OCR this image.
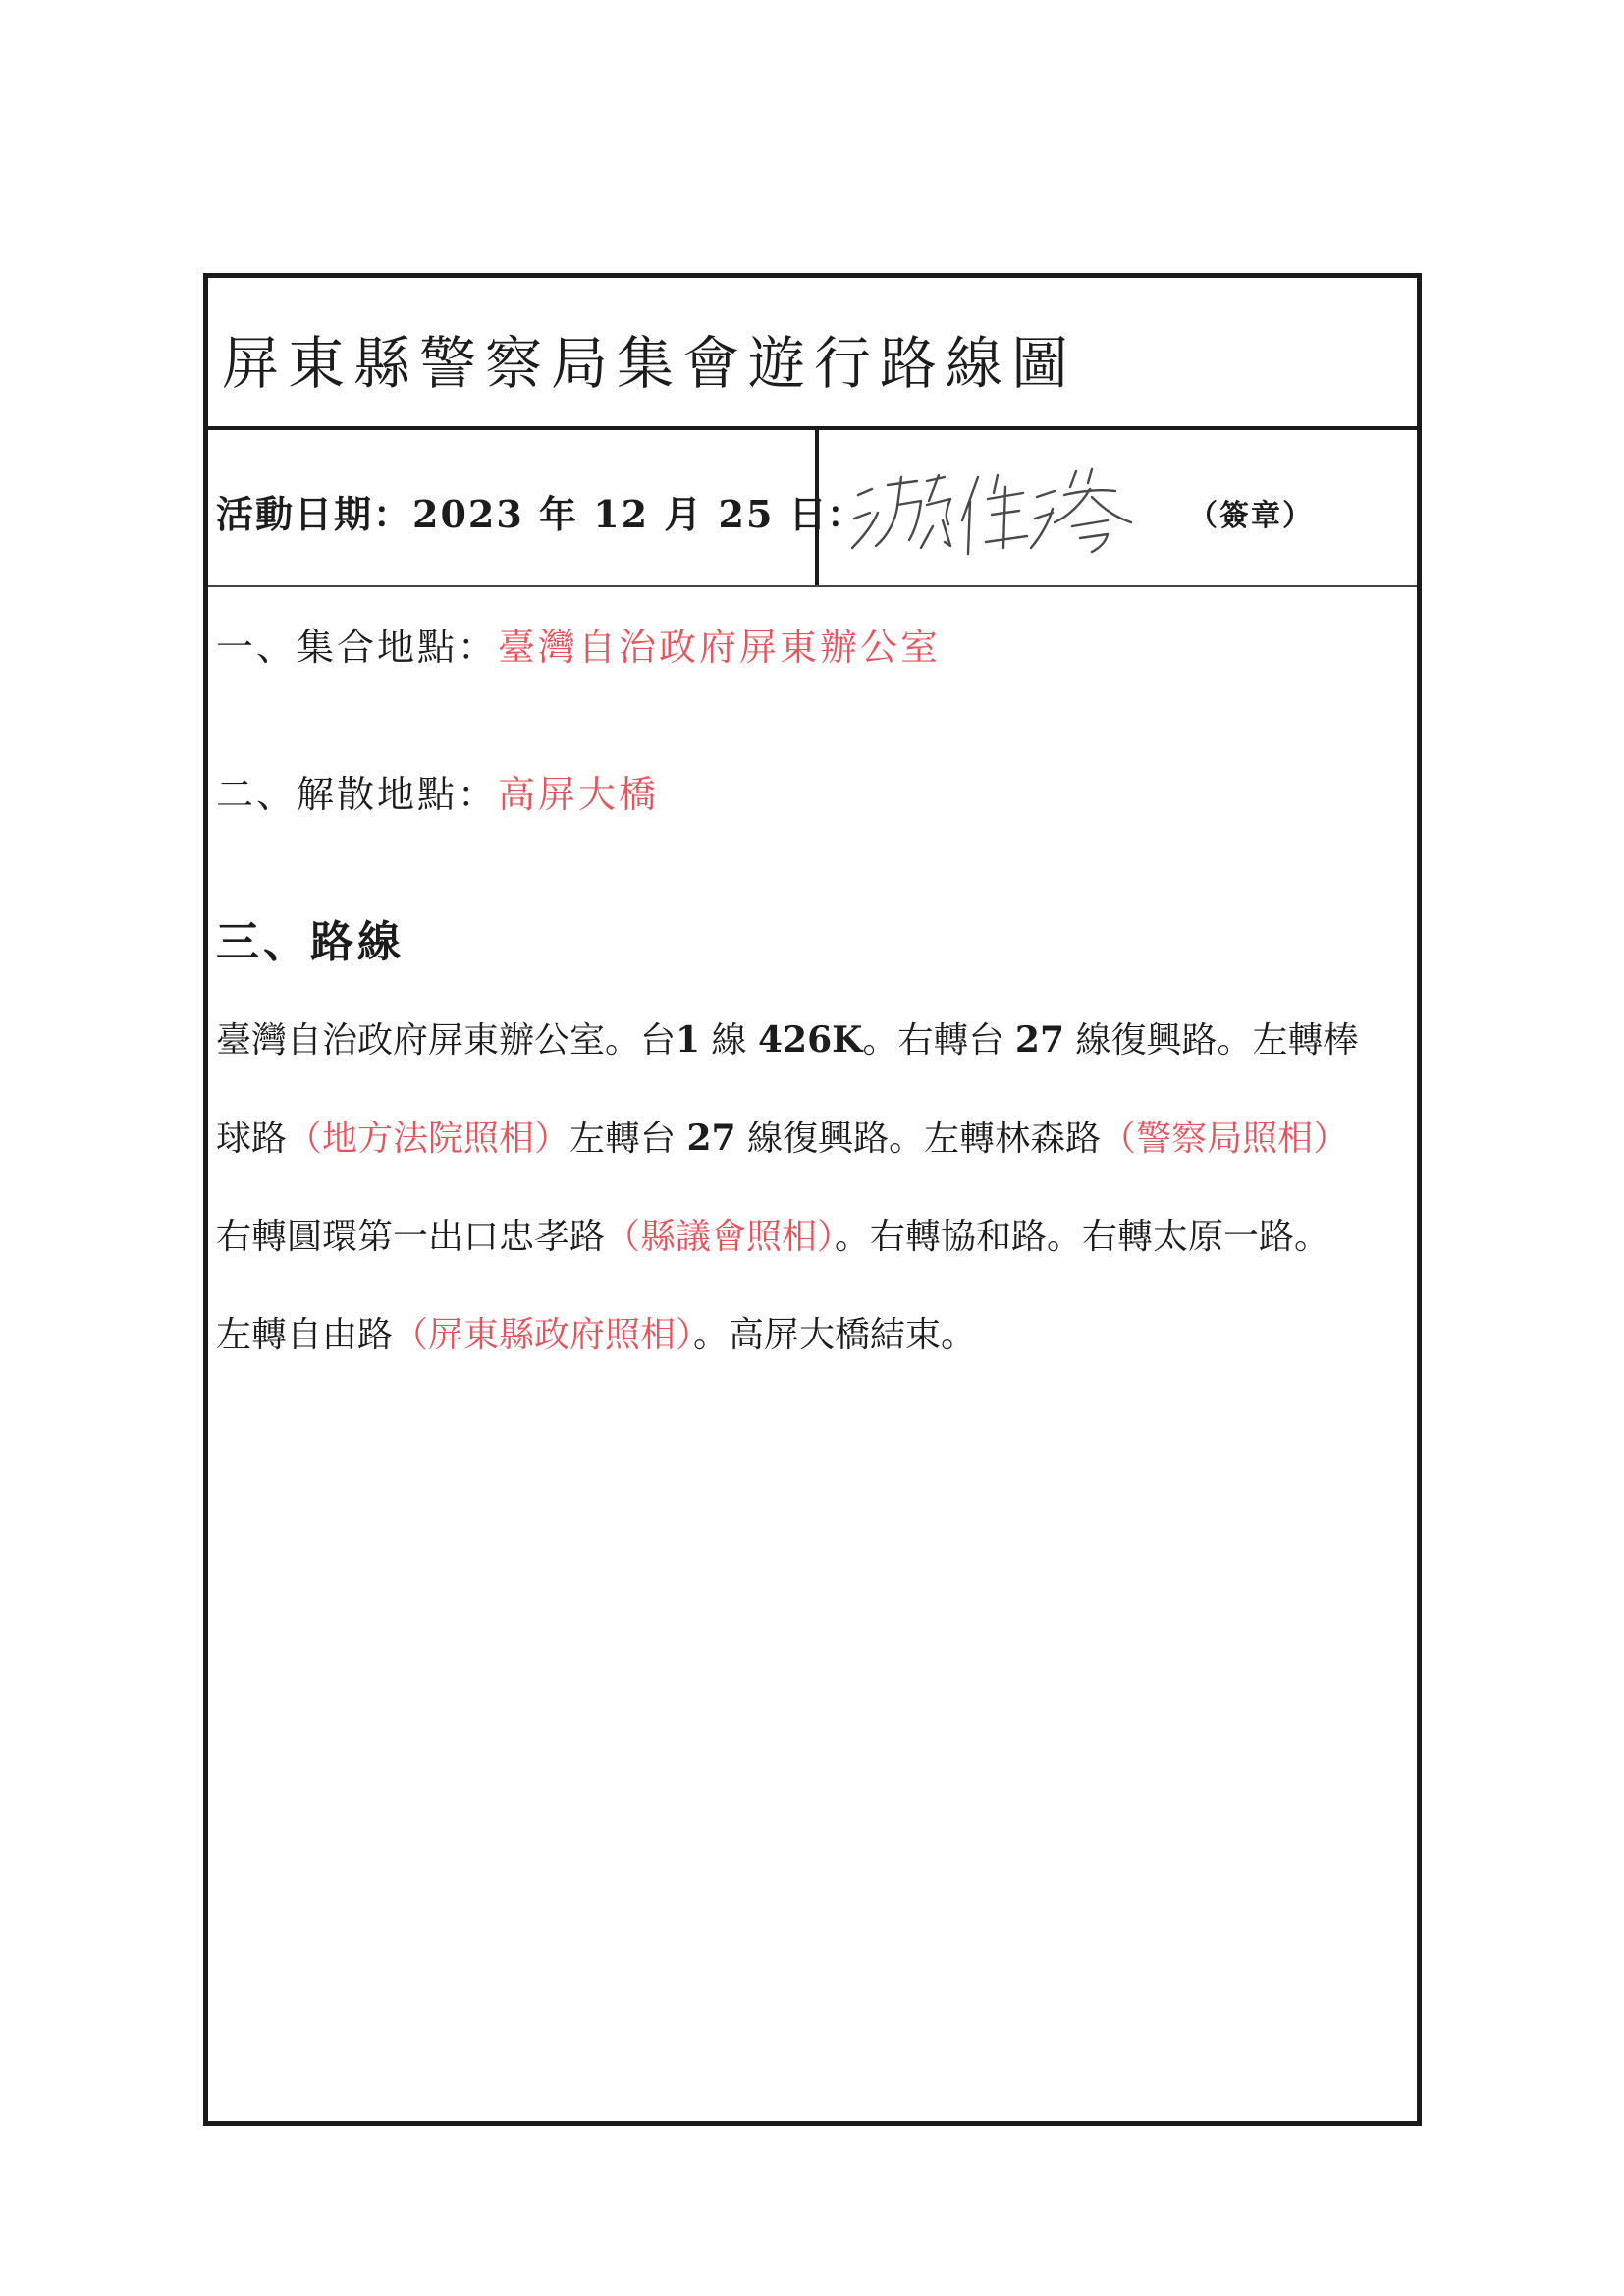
屏東縣警察局集會遊行路線圖
活動日期：2023 年 12 月 25 日
：	（簽章）
一、集合地點：臺灣自治政府屏東辦公室
二、解散地點：高屏大橋
三、路線
臺灣自治政府屏東辦公室。台1 線 426K。右轉台 27 線復興路。左轉棒
球路（地方法院照相）左轉台 27 線復興路。左轉林森路（警察局照相）
右轉圓環第一出口忠孝路（縣議會照相）。右轉協和路。右轉太原一路。
左轉自由路（屏東縣政府照相）。高屏大橋結束。
